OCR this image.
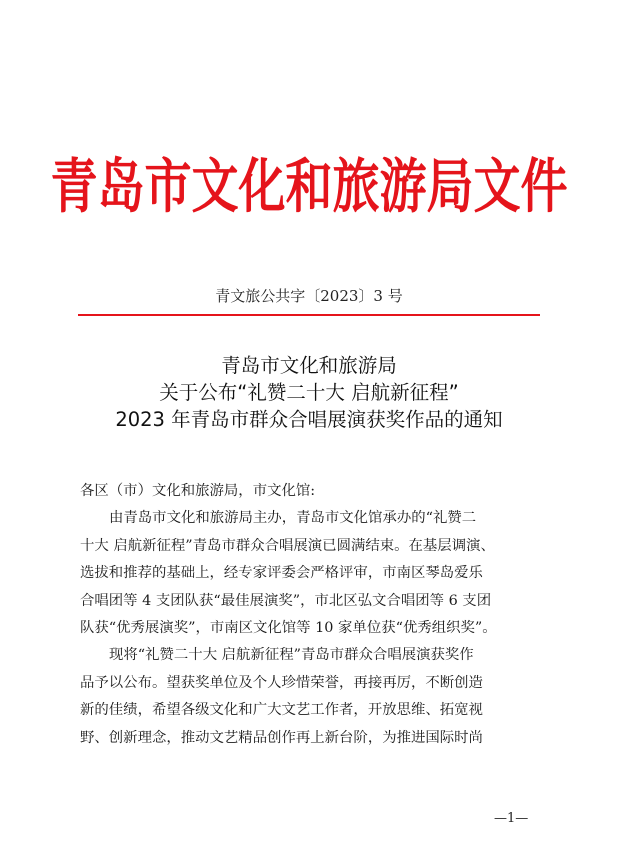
青岛市文化和旅游局文件
青文旅公共字〔2023〕3 号
青岛市文化和旅游局
关于公布“礼赞二十大 启航新征程”
2023 年青岛市群众合唱展演获奖作品的通知
各区（市）文化和旅游局，市文化馆:
由青岛市文化和旅游局主办，青岛市文化馆承办的“礼赞二
十大 启航新征程”青岛市群众合唱展演已圆满结束。在基层调演、
选拔和推荐的基础上，经专家评委会严格评审，市南区琴岛爱乐
合唱团等 4 支团队获“最佳展演奖”，市北区弘文合唱团等 6 支团
队获“优秀展演奖”，市南区文化馆等 10 家单位获“优秀组织奖”。
现将“礼赞二十大 启航新征程”青岛市群众合唱展演获奖作
品予以公布。望获奖单位及个人珍惜荣誉，再接再厉，不断创造
新的佳绩，希望各级文化和广大文艺工作者，开放思维、拓宽视
野、创新理念，推动文艺精品创作再上新台阶，为推进国际时尚
—1—
